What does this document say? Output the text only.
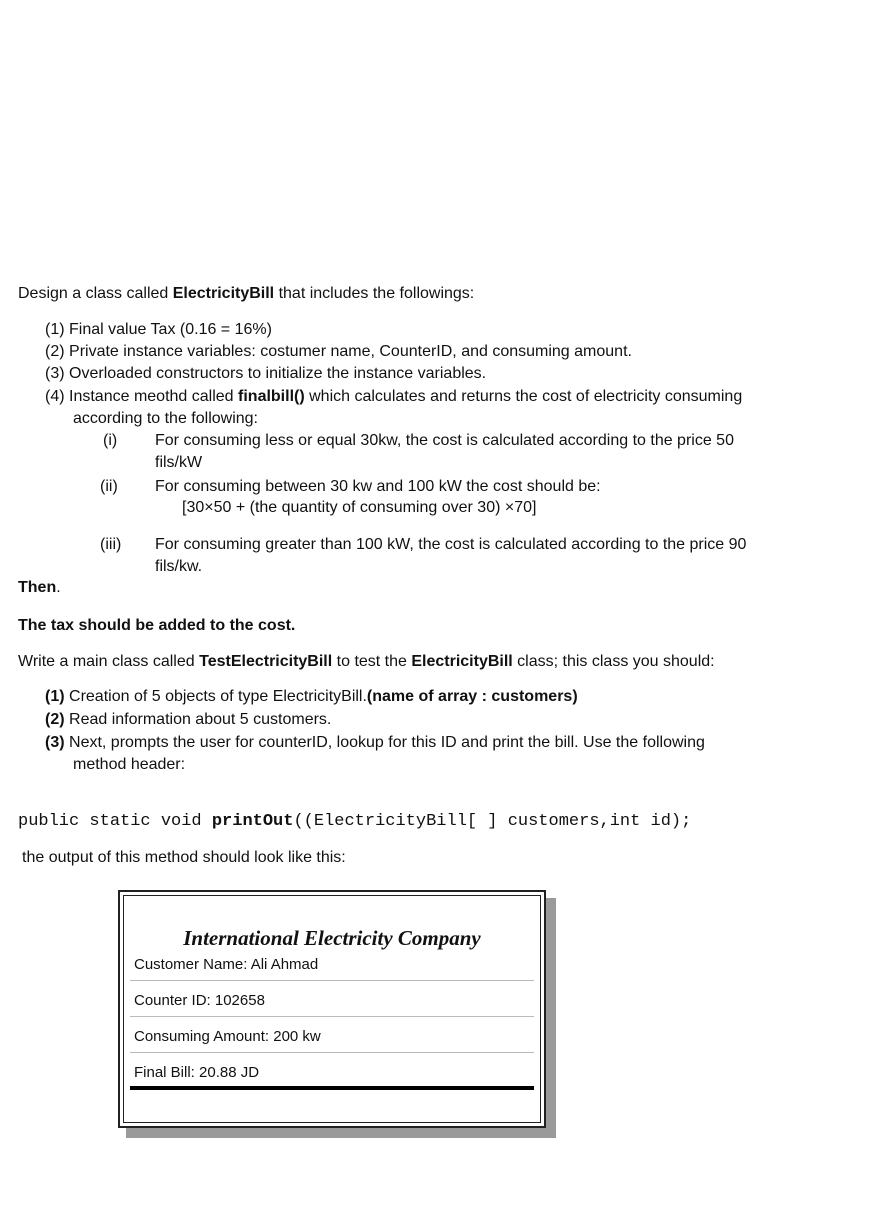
Design a class called ElectricityBill that includes the followings:
(1) Final value Tax (0.16 = 16%)
(2) Private instance variables: costumer name, CounterID, and consuming amount.
(3) Overloaded constructors to initialize the instance variables.
(4) Instance meothd called finalbill() which calculates and returns the cost of electricity consuming
according to the following:
(i) For consuming less or equal 30kw, the cost is calculated according to the price 50
fils/kW
(ii) For consuming between 30 kw and 100 kW the cost should be:
[30×50 + (the quantity of consuming over 30) ×70]
(iii) For consuming greater than 100 kW, the cost is calculated according to the price 90
fils/kw.
Then.
The tax should be added to the cost.
Write a main class called TestElectricityBill to test the ElectricityBill class; this class you should:
(1) Creation of 5 objects of type ElectricityBill.(name of array : customers)
(2) Read information about 5 customers.
(3) Next, prompts the user for counterID, lookup for this ID and print the bill. Use the following
method header:
public static void printOut((ElectricityBill[ ] customers,int id);
the output of this method should look like this:
International Electricity Company
Customer Name: Ali Ahmad
Counter ID: 102658
Consuming Amount: 200 kw
Final Bill: 20.88 JD
